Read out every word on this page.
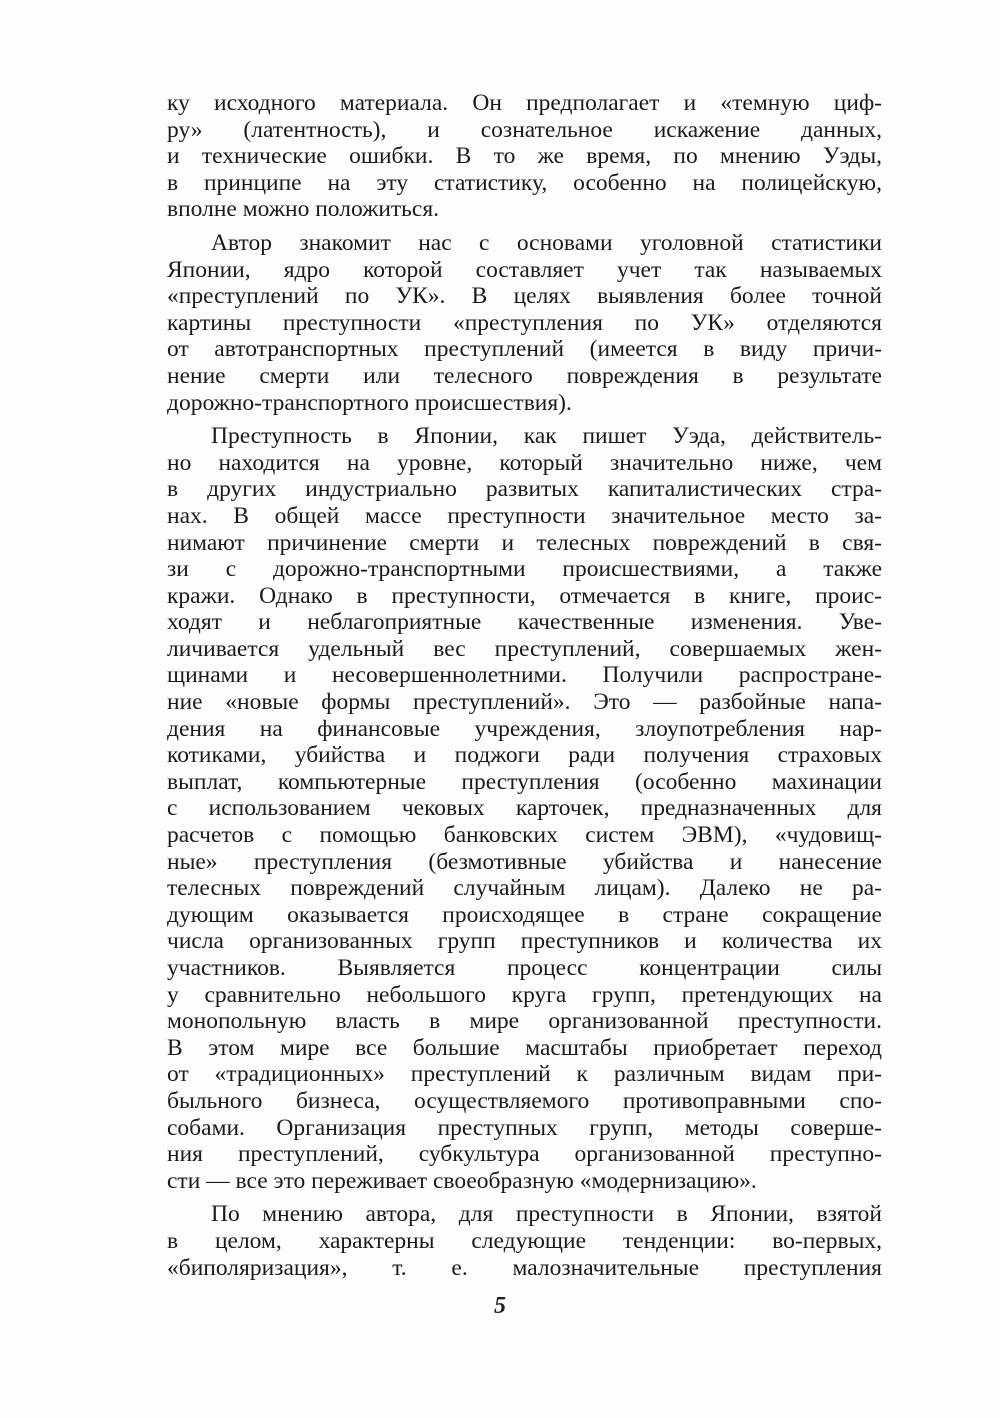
ку исходного материала. Он предполагает и «темную циф-
ру» (латентность), и сознательное искажение данных,
и технические ошибки. В то же время, по мнению Уэды,
в принципе на эту статистику, особенно на полицейскую,
вполне можно положиться.
Автор знакомит нас с основами уголовной статистики
Японии, ядро которой составляет учет так называемых
«преступлений по УК». В целях выявления более точной
картины преступности «преступления по УК» отделяются
от автотранспортных преступлений (имеется в виду причи-
нение смерти или телесного повреждения в результате
дорожно-транспортного происшествия).
Преступность в Японии, как пишет Уэда, действитель-
но находится на уровне, который значительно ниже, чем
в других индустриально развитых капиталистических стра-
нах. В общей массе преступности значительное место за-
нимают причинение смерти и телесных повреждений в свя-
зи с дорожно-транспортными происшествиями, а также
кражи. Однако в преступности, отмечается в книге, проис-
ходят и неблагоприятные качественные изменения. Уве-
личивается удельный вес преступлений, совершаемых жен-
щинами и несовершеннолетними. Получили распростране-
ние «новые формы преступлений». Это — разбойные напа-
дения на финансовые учреждения, злоупотребления нар-
котиками, убийства и поджоги ради получения страховых
выплат, компьютерные преступления (особенно махинации
с использованием чековых карточек, предназначенных для
расчетов с помощью банковских систем ЭВМ), «чудовищ-
ные» преступления (безмотивные убийства и нанесение
телесных повреждений случайным лицам). Далеко не ра-
дующим оказывается происходящее в стране сокращение
числа организованных групп преступников и количества их
участников. Выявляется процесс концентрации силы
у сравнительно небольшого круга групп, претендующих на
монопольную власть в мире организованной преступности.
В этом мире все большие масштабы приобретает переход
от «традиционных» преступлений к различным видам при-
быльного бизнеса, осуществляемого противоправными спо-
собами. Организация преступных групп, методы соверше-
ния преступлений, субкультура организованной преступно-
сти — все это переживает своеобразную «модернизацию».
По мнению автора, для преступности в Японии, взятой
в целом, характерны следующие тенденции: во-первых,
«биполяризация», т. е. малозначительные преступления
5
